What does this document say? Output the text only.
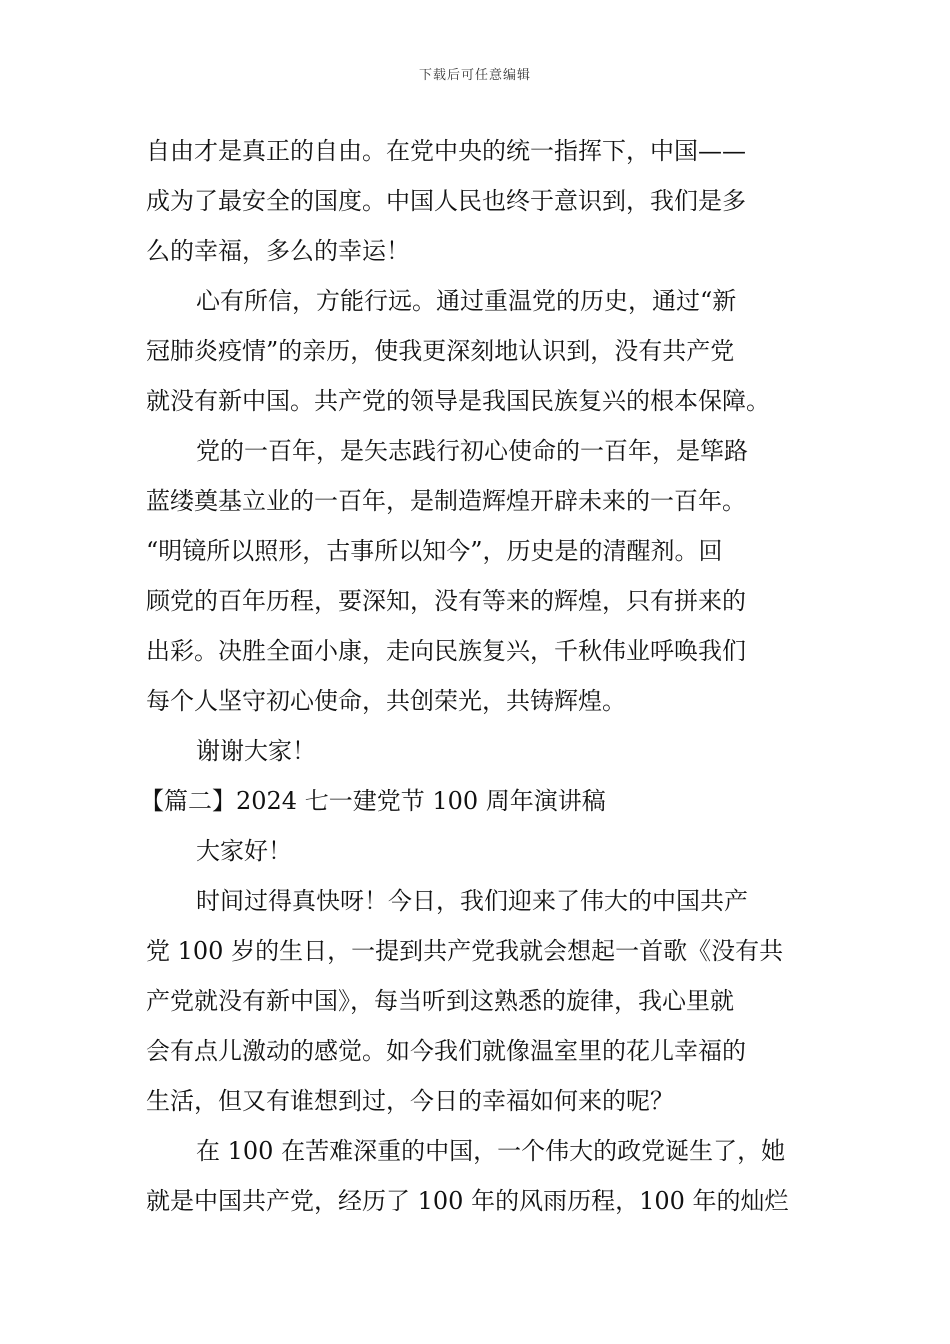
下载后可任意编辑
自由才是真正的自由。在党中央的统一指挥下，中国——
成为了最安全的国度。中国人民也终于意识到，我们是多
么的幸福，多么的幸运！
心有所信，方能行远。通过重温党的历史，通过“新
冠肺炎疫情”的亲历，使我更深刻地认识到，没有共产党
就没有新中国。共产党的领导是我国民族复兴的根本保障。
党的一百年，是矢志践行初心使命的一百年，是筚路
蓝缕奠基立业的一百年，是制造辉煌开辟未来的一百年。
“明镜所以照形，古事所以知今”，历史是的清醒剂。回
顾党的百年历程，要深知，没有等来的辉煌，只有拼来的
出彩。决胜全面小康，走向民族复兴，千秋伟业呼唤我们
每个人坚守初心使命，共创荣光，共铸辉煌。
谢谢大家！
【篇二】2024 七一建党节 100 周年演讲稿
大家好！
时间过得真快呀！今日，我们迎来了伟大的中国共产
党 100 岁的生日，一提到共产党我就会想起一首歌《没有共
产党就没有新中国》，每当听到这熟悉的旋律，我心里就
会有点儿激动的感觉。如今我们就像温室里的花儿幸福的
生活，但又有谁想到过，今日的幸福如何来的呢？
在 100 在苦难深重的中国，一个伟大的政党诞生了，她
就是中国共产党，经历了 100 年的风雨历程，100 年的灿烂
